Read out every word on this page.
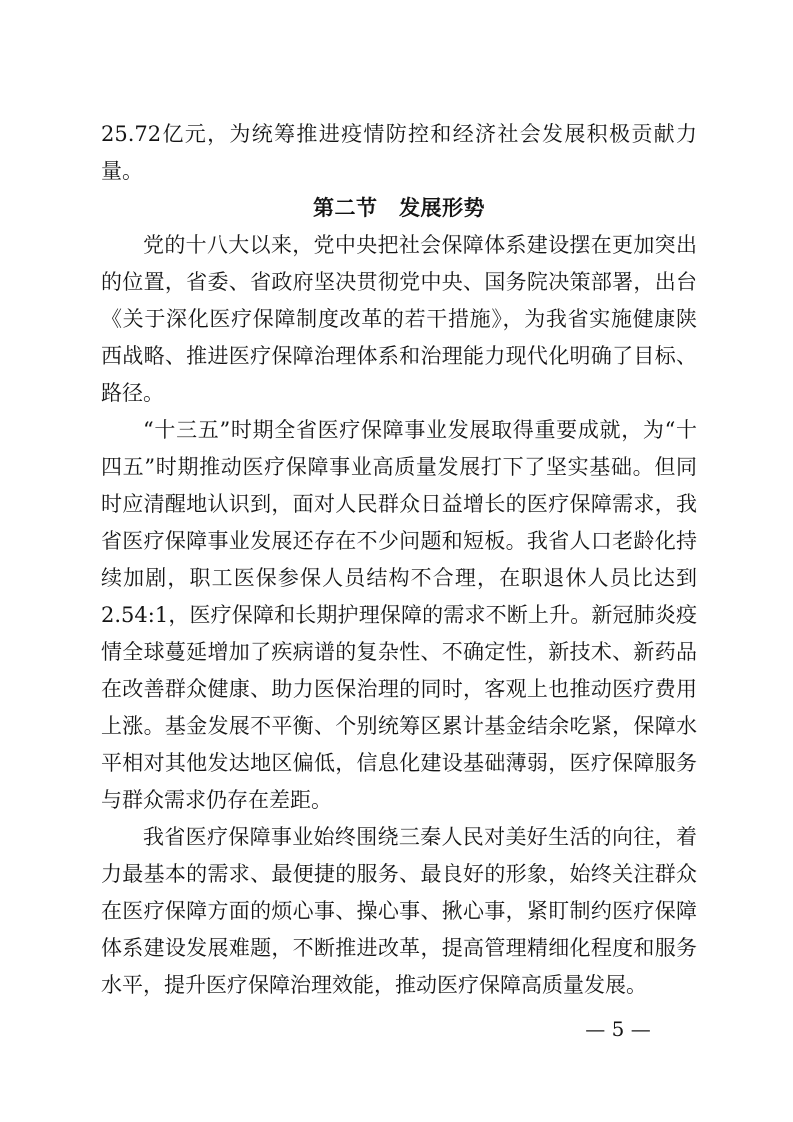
25.72亿元，为统筹推进疫情防控和经济社会发展积极贡献力量。

第二节　发展形势

党的十八大以来，党中央把社会保障体系建设摆在更加突出的位置，省委、省政府坚决贯彻党中央、国务院决策部署，出台《关于深化医疗保障制度改革的若干措施》，为我省实施健康陕西战略、推进医疗保障治理体系和治理能力现代化明确了目标、路径。

“十三五”时期全省医疗保障事业发展取得重要成就，为“十四五”时期推动医疗保障事业高质量发展打下了坚实基础。但同时应清醒地认识到，面对人民群众日益增长的医疗保障需求，我省医疗保障事业发展还存在不少问题和短板。我省人口老龄化持续加剧，职工医保参保人员结构不合理，在职退休人员比达到2.54:1，医疗保障和长期护理保障的需求不断上升。新冠肺炎疫情全球蔓延增加了疾病谱的复杂性、不确定性，新技术、新药品在改善群众健康、助力医保治理的同时，客观上也推动医疗费用上涨。基金发展不平衡、个别统筹区累计基金结余吃紧，保障水平相对其他发达地区偏低，信息化建设基础薄弱，医疗保障服务与群众需求仍存在差距。

我省医疗保障事业始终围绕三秦人民对美好生活的向往，着力最基本的需求、最便捷的服务、最良好的形象，始终关注群众在医疗保障方面的烦心事、操心事、揪心事，紧盯制约医疗保障体系建设发展难题，不断推进改革，提高管理精细化程度和服务水平，提升医疗保障治理效能，推动医疗保障高质量发展。

— 5 —
